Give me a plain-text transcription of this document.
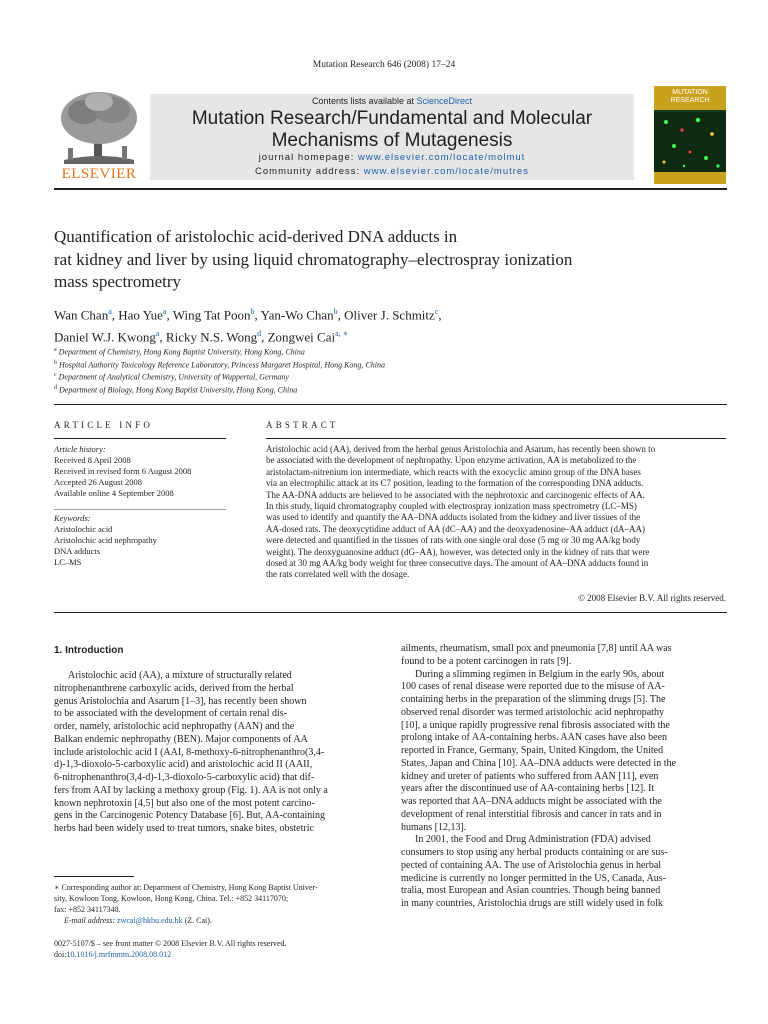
Mutation Research 646 (2008) 17–24
ELSEVIER
Contents lists available at ScienceDirect
Mutation Research/Fundamental and Molecular
Mechanisms of Mutagenesis
journal homepage: www.elsevier.com/locate/molmut
Community address: www.elsevier.com/locate/mutres
MUTATION
RESEARCH
Quantification of aristolochic acid-derived DNA adducts in
rat kidney and liver by using liquid chromatography–electrospray ionization
mass spectrometry
Wan Chan$^a$, Hao Yue$^a$, Wing Tat Poon$^b$, Yan-Wo Chan$^b$, Oliver J. Schmitz$^c$,
Daniel W.J. Kwong$^a$, Ricky N.S. Wong$^d$, Zongwei Cai$^{a, ∗}$
$^a$ Department of Chemistry, Hong Kong Baptist University, Hong Kong, China
$^b$ Hospital Authority Toxicology Reference Laboratory, Princess Margaret Hospital, Hong Kong, China
$^c$ Department of Analytical Chemistry, University of Wuppertal, Germany
$^d$ Department of Biology, Hong Kong Baptist University, Hong Kong, China
ARTICLE INFO	ABSTRACT
Article history:
Received 8 April 2008
Received in revised form 6 August 2008
Accepted 26 August 2008
Available online 4 September 2008
Keywords:
Aristolochic acid
Aristolochic acid nephropathy
DNA adducts
LC–MS
Aristolochic acid (AA), derived from the herbal genus Aristolochia and Asarum, has recently been shown to
be associated with the development of nephropathy. Upon enzyme activation, AA is metabolized to the
aristolactam-nitrenium ion intermediate, which reacts with the exocyclic amino group of the DNA bases
via an electrophilic attack at its C7 position, leading to the formation of the corresponding DNA adducts.
The AA-DNA adducts are believed to be associated with the nephrotoxic and carcinogenic effects of AA.
In this study, liquid chromatography coupled with electrospray ionization mass spectrometry (LC–MS)
was used to identify and quantify the AA–DNA adducts isolated from the kidney and liver tissues of the
AA-dosed rats. The deoxycytidine adduct of AA (dC–AA) and the deoxyadenosine–AA adduct (dA–AA)
were detected and quantified in the tissues of rats with one single oral dose (5 mg or 30 mg AA/kg body
weight). The deoxyguanosine adduct (dG–AA), however, was detected only in the kidney of rats that were
dosed at 30 mg AA/kg body weight for three consecutive days. The amount of AA–DNA adducts found in
the rats correlated well with the dosage.
© 2008 Elsevier B.V. All rights reserved.
1. Introduction
Aristolochic acid (AA), a mixture of structurally related
nitrophenanthrene carboxylic acids, derived from the herbal
genus Aristolochia and Asarum [1–3], has recently been shown
to be associated with the development of certain renal dis-
order, namely, aristolochic acid nephropathy (AAN) and the
Balkan endemic nephropathy (BEN). Major components of AA
include aristolochic acid I (AAI, 8-methoxy-6-nitrophenanthro(3,4-
d)-1,3-dioxolo-5-carboxylic acid) and aristolochic acid II (AAII,
6-nitrophenanthro(3,4-d)-1,3-dioxolo-5-carboxylic acid) that dif-
fers from AAI by lacking a methoxy group (Fig. 1). AA is not only a
known nephrotoxin [4,5] but also one of the most potent carcino-
gens in the Carcinogenic Potency Database [6]. But, AA-containing
herbs had been widely used to treat tumors, snake bites, obstetric
ailments, rheumatism, small pox and pneumonia [7,8] until AA was
found to be a potent carcinogen in rats [9].
During a slimming regimen in Belgium in the early 90s, about
100 cases of renal disease were reported due to the misuse of AA-
containing herbs in the preparation of the slimming drugs [5]. The
observed renal disorder was termed aristolochic acid nephropathy
[10], a unique rapidly progressive renal fibrosis associated with the
prolong intake of AA-containing herbs. AAN cases have also been
reported in France, Germany, Spain, United Kingdom, the United
States, Japan and China [10]. AA–DNA adducts were detected in the
kidney and ureter of patients who suffered from AAN [11], even
years after the discontinued use of AA-containing herbs [12]. It
was reported that AA–DNA adducts might be associated with the
development of renal interstitial fibrosis and cancer in rats and in
humans [12,13].
In 2001, the Food and Drug Administration (FDA) advised
consumers to stop using any herbal products containing or are sus-
pected of containing AA. The use of Aristolochia genus in herbal
medicine is currently no longer permitted in the US, Canada, Aus-
tralia, most European and Asian countries. Though being banned
in many countries, Aristolochia drugs are still widely used in folk
∗ Corresponding author at: Department of Chemistry, Hong Kong Baptist Univer-
sity, Kowloon Tong, Kowloon, Hong Kong, China. Tel.: +852 34117070;
fax: +852 34117348.
E-mail address: zwcai@hkbu.edu.hk (Z. Cai).
0027-5107/$ – see front matter © 2008 Elsevier B.V. All rights reserved.
doi:10.1016/j.mrfmmm.2008.08.012
